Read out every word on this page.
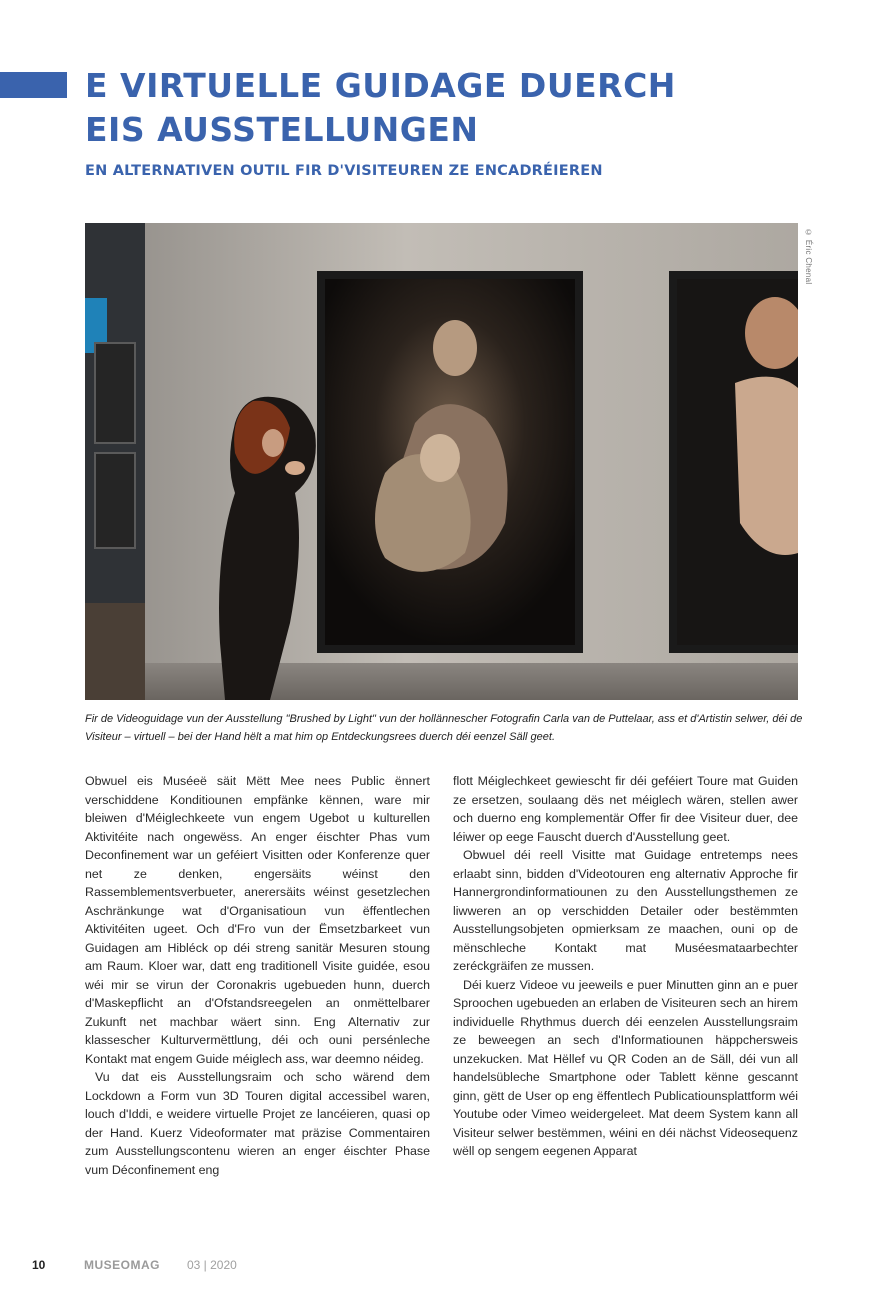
E VIRTUELLE GUIDAGE DUERCH
EIS AUSSTELLUNGEN
EN ALTERNATIVEN OUTIL FIR D'VISITEUREN ZE ENCADRÉIEREN
© Éric Chenal

Fir de Videoguidage vun der Ausstellung "Brushed by Light" vun der hollännescher Fotografin Carla van de Puttelaar, ass et d'Artistin selwer, déi de Visiteur – virtuell – bei der Hand hëlt a mat him op Entdeckungsrees duerch déi eenzel Säll geet.

Obwuel eis Muséeë säit Mëtt Mee nees Public ënnert verschiddene Konditiounen empfänke kënnen, ware mir bleiwen d'Méiglechkeete vun engem Ugebot u kulturellen Aktivitéite nach ongewëss. An enger éischter Phas vum Deconfinement war un geféiert Visitten oder Konferenze quer net ze denken, engersäits wéinst den Rassemblementsverbueter, anerersäits wéinst gesetzlechen Aschränkunge wat d'Organisatioun vun ëffentlechen Aktivitéiten ugeet. Och d'Fro vun der Ëmsetzbarkeet vun Guidagen am Hibléck op déi streng sanitär Mesuren stoung am Raum. Kloer war, datt eng traditionell Visite guidée, esou wéi mir se virun der Coronakris ugebueden hunn, duerch d'Maskepflicht an d'Ofstandsreegelen an onmëttelbarer Zukunft net machbar wäert sinn. Eng Alternativ zur klassescher Kulturvermëttlung, déi och ouni persénleche Kontakt mat engem Guide méiglech ass, war deemno néideg.

Vu dat eis Ausstellungsraim och scho wärend dem Lockdown a Form vun 3D Touren digital accessibel waren, louch d'Iddi, e weidere virtuelle Projet ze lancéieren, quasi op der Hand. Kuerz Videoformater mat präzise Commentairen zum Ausstellungscontenu wieren an enger éischter Phase vum Déconfinement eng

flott Méiglechkeet gewiescht fir déi geféiert Toure mat Guiden ze ersetzen, soulaang dës net méiglech wären, stellen awer och duerno eng komplementär Offer fir dee Visiteur duer, dee léiwer op eege Fauscht duerch d'Ausstellung geet.

Obwuel déi reell Visitte mat Guidage entretemps nees erlaabt sinn, bidden d'Videotouren eng alternativ Approche fir Hannergrondinformatiounen zu den Ausstellungsthemen ze liwweren an op verschidden Detailer oder bestëmmten Ausstellungsobjeten opmierksam ze maachen, ouni op de mënschleche Kontakt mat Muséesmataarbechter zeréckgräifen ze mussen.

Déi kuerz Videoe vu jeeweils e puer Minutten ginn an e puer Sproochen ugebueden an erlaben de Visiteuren sech an hirem individuelle Rhythmus duerch déi eenzelen Ausstellungsraim ze beweegen an sech d'Informatiounen häppchersweis unzekucken. Mat Hëllef vu QR Coden an de Säll, déi vun all handelsübleche Smartphone oder Tablett kënne gescannt ginn, gëtt de User op eng ëffentlech Publicatiounsplattform wéi Youtube oder Vimeo weidergeleet. Mat deem System kann all Visiteur selwer bestëmmen, wéini en déi nächst Videosequenz wëll op sengem eegenen Apparat

10	MUSEOMAG 03 | 2020
